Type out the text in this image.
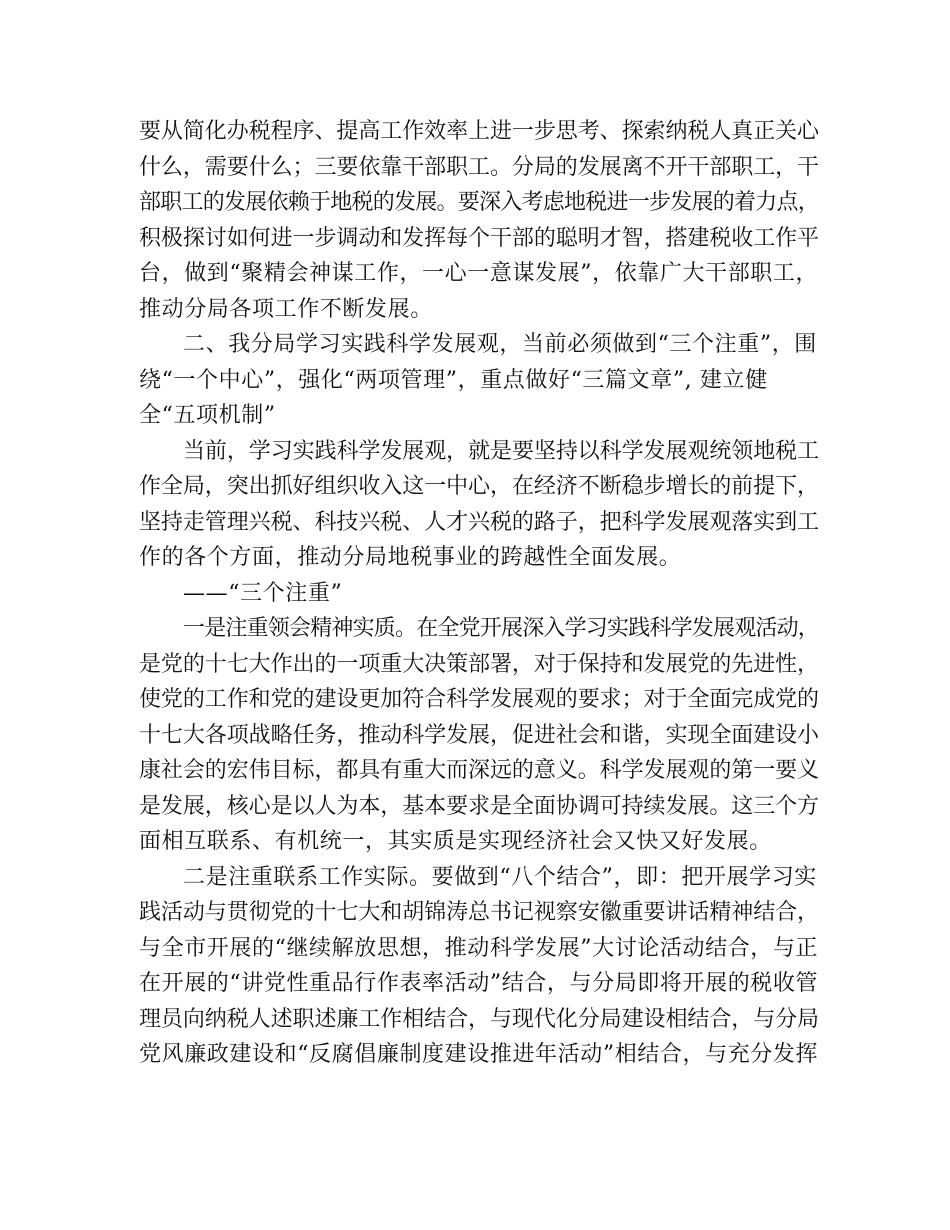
要从简化办税程序、提高工作效率上进一步思考、探索纳税人真正关心
什么，需要什么；三要依靠干部职工。分局的发展离不开干部职工，干
部职工的发展依赖于地税的发展。要深入考虑地税进一步发展的着力点，
积极探讨如何进一步调动和发挥每个干部的聪明才智，搭建税收工作平
台，做到“聚精会神谋工作，一心一意谋发展”，依靠广大干部职工，
推动分局各项工作不断发展。
二、我分局学习实践科学发展观，当前必须做到“三个注重”，围
绕“一个中心”，强化“两项管理”，重点做好“三篇文章”, 建立健
全“五项机制”
当前，学习实践科学发展观，就是要坚持以科学发展观统领地税工
作全局，突出抓好组织收入这一中心，在经济不断稳步增长的前提下，
坚持走管理兴税、科技兴税、人才兴税的路子，把科学发展观落实到工
作的各个方面，推动分局地税事业的跨越性全面发展。
——“三个注重”
一是注重领会精神实质。在全党开展深入学习实践科学发展观活动，
是党的十七大作出的一项重大决策部署，对于保持和发展党的先进性，
使党的工作和党的建设更加符合科学发展观的要求；对于全面完成党的
十七大各项战略任务，推动科学发展，促进社会和谐，实现全面建设小
康社会的宏伟目标，都具有重大而深远的意义。科学发展观的第一要义
是发展，核心是以人为本，基本要求是全面协调可持续发展。这三个方
面相互联系、有机统一，其实质是实现经济社会又快又好发展。
二是注重联系工作实际。要做到“八个结合”，即：把开展学习实
践活动与贯彻党的十七大和胡锦涛总书记视察安徽重要讲话精神结合，
与全市开展的“继续解放思想，推动科学发展”大讨论活动结合，与正
在开展的“讲党性重品行作表率活动”结合，与分局即将开展的税收管
理员向纳税人述职述廉工作相结合，与现代化分局建设相结合，与分局
党风廉政建设和“反腐倡廉制度建设推进年活动”相结合，与充分发挥
